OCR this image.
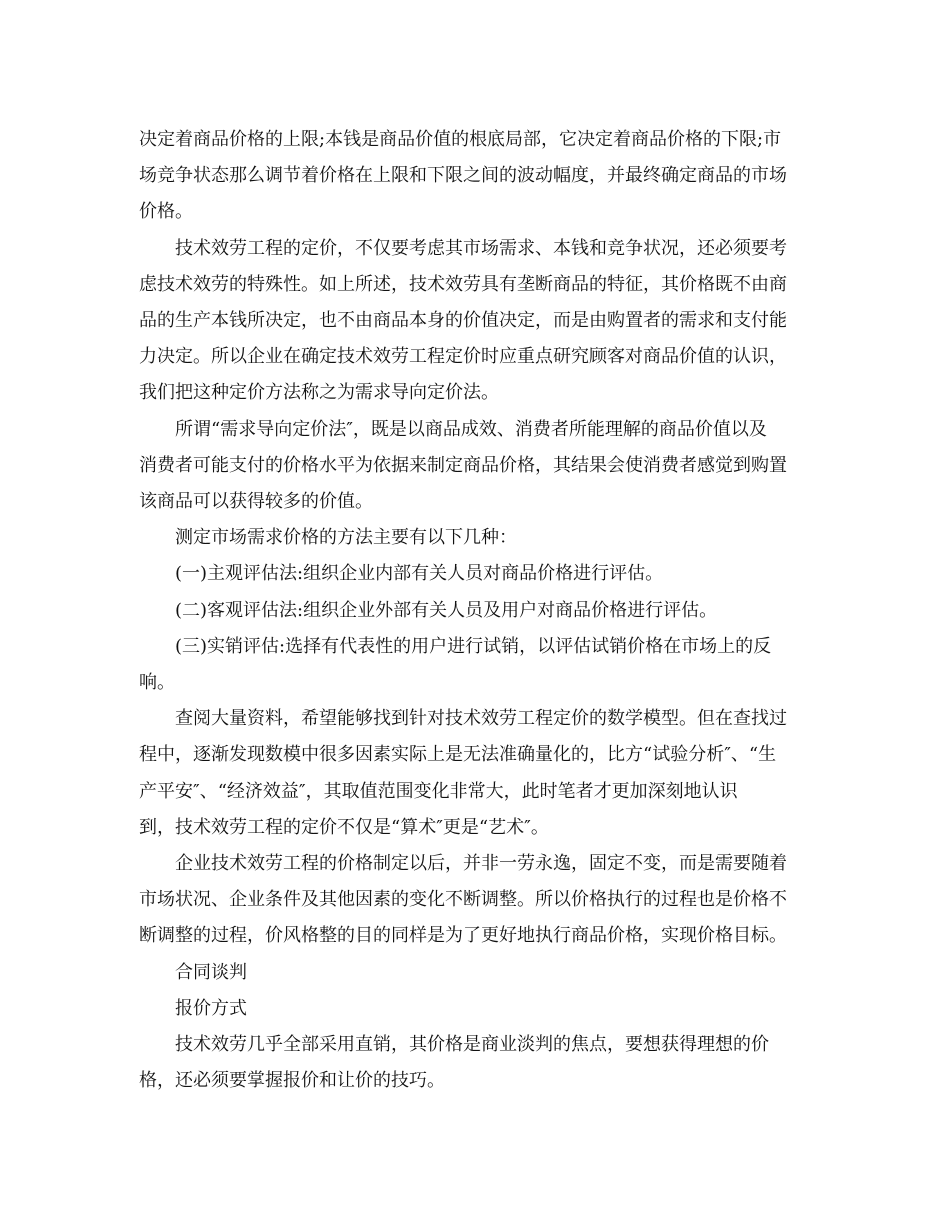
决定着商品价格的上限;本钱是商品价值的根底局部，它决定着商品价格的下限;市
场竞争状态那么调节着价格在上限和下限之间的波动幅度，并最终确定商品的市场
价格。

技术效劳工程的定价，不仅要考虑其市场需求、本钱和竞争状况，还必须要考
虑技术效劳的特殊性。如上所述，技术效劳具有垄断商品的特征，其价格既不由商
品的生产本钱所决定，也不由商品本身的价值决定，而是由购置者的需求和支付能
力决定。所以企业在确定技术效劳工程定价时应重点研究顾客对商品价值的认识，
我们把这种定价方法称之为需求导向定价法。

所谓“需求导向定价法″，既是以商品成效、消费者所能理解的商品价值以及
消费者可能支付的价格水平为依据来制定商品价格，其结果会使消费者感觉到购置
该商品可以获得较多的价值。

测定市场需求价格的方法主要有以下几种：

(一)主观评估法:组织企业内部有关人员对商品价格进行评估。

(二)客观评估法:组织企业外部有关人员及用户对商品价格进行评估。

(三)实销评估:选择有代表性的用户进行试销，以评估试销价格在市场上的反
响。

查阅大量资料，希望能够找到针对技术效劳工程定价的数学模型。但在查找过
程中，逐渐发现数模中很多因素实际上是无法准确量化的，比方“试验分析″、“生
产平安″、“经济效益″，其取值范围变化非常大，此时笔者才更加深刻地认识
到，技术效劳工程的定价不仅是“算术″更是“艺术″。

企业技术效劳工程的价格制定以后，并非一劳永逸，固定不变，而是需要随着
市场状况、企业条件及其他因素的变化不断调整。所以价格执行的过程也是价格不
断调整的过程，价风格整的目的同样是为了更好地执行商品价格，实现价格目标。

合同谈判

报价方式

技术效劳几乎全部采用直销，其价格是商业淡判的焦点，要想获得理想的价
格，还必须要掌握报价和让价的技巧。
